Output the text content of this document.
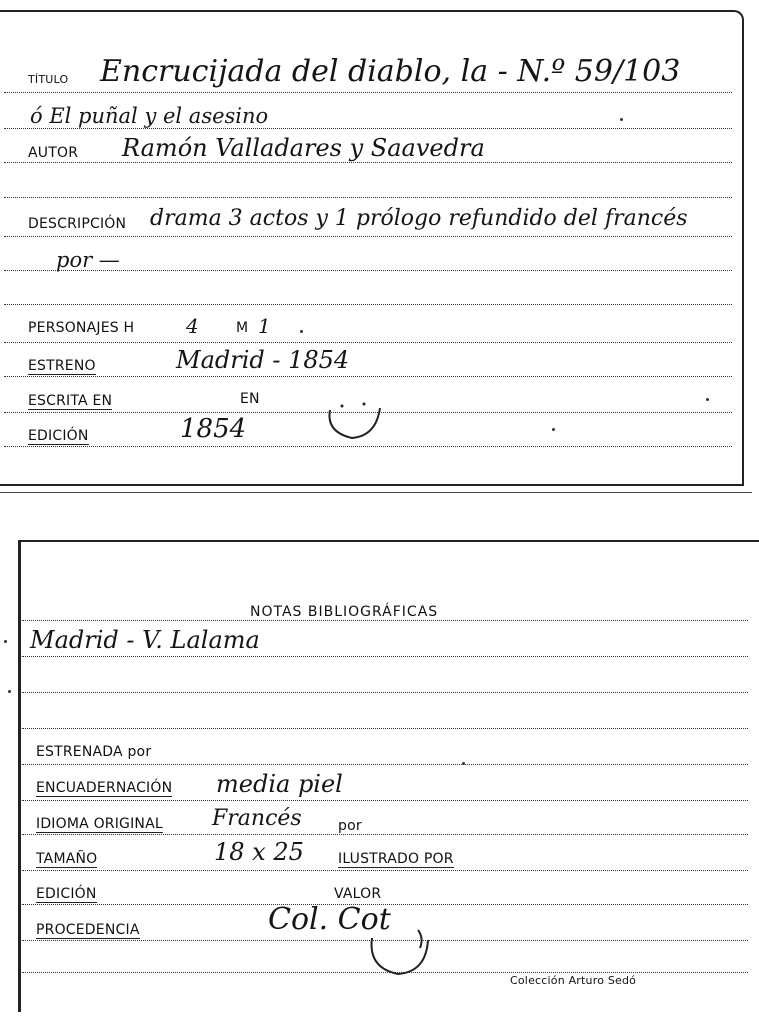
TÍTULO Encrucijada del diablo, la - N.º 59/103
ó El puñal y el asesino
AUTOR Ramón Valladares y Saavedra
DESCRIPCIÓN drama 3 actos y 1 prólogo refundido del francés
por —
PERSONAJES H	4	M 1
ESTRENO	Madrid - 1854
ESCRITA EN	EN
EDICIÓN	1854
NOTAS BIBLIOGRÁFICAS
Madrid - V. Lalama
ESTRENADA por
ENCUADERNACIÓN media piel
IDIOMA ORIGINAL Francés	por
TAMAÑO	18 x 25 ILUSTRADO POR
EDICIÓN	VALOR
PROCEDENCIA	Col. Cot
Colección Arturo Sedó
